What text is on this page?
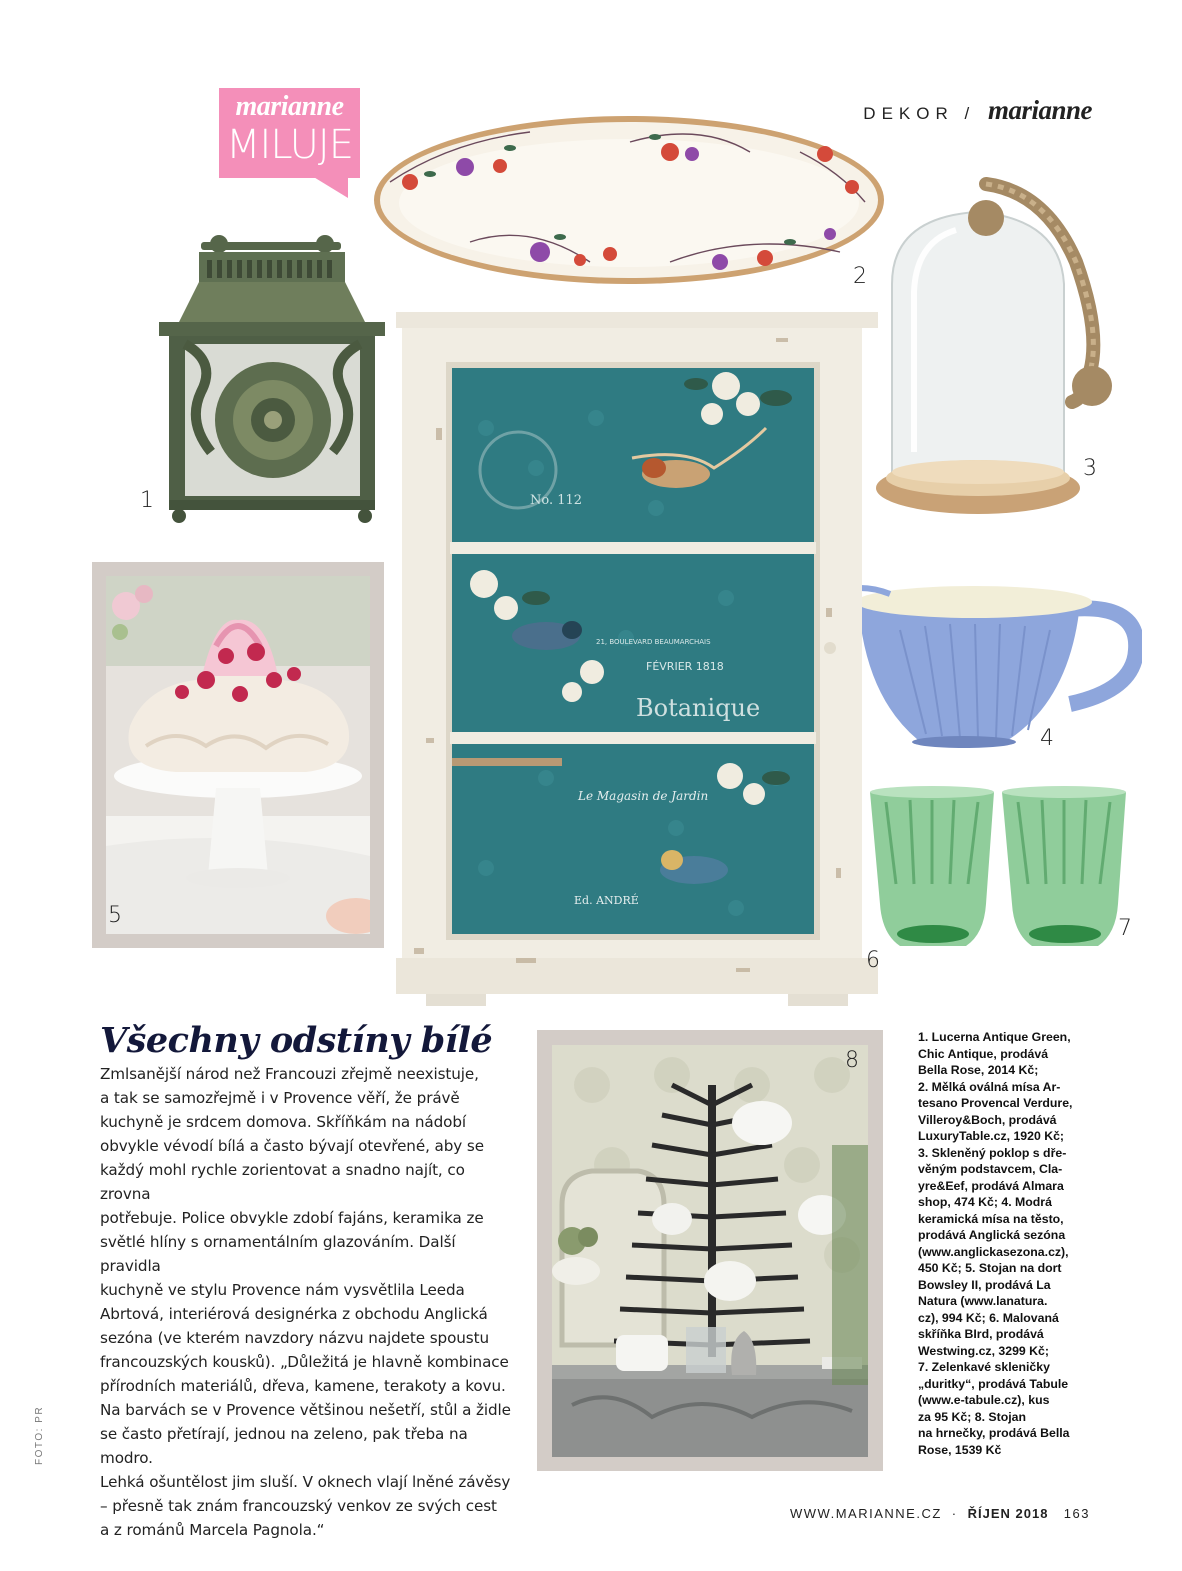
marianne
MILUJE
DEKOR / marianne
2
1
3
4
7
5
No. 112
21, BOULEVARD BEAUMARCHAIS
FÉVRIER 1818
Botanique
Le Magasin de Jardin
Ed. ANDRÉ
6
8
Všechny odstíny bílé
Zmlsanější národ než Francouzi zřejmě neexistuje,
a tak se samozřejmě i v Provence věří, že právě
kuchyně je srdcem domova. Skříňkám na nádobí
obvykle vévodí bílá a často bývají otevřené, aby se
každý mohl rychle zorientovat a snadno najít, co zrovna
potřebuje. Police obvykle zdobí fajáns, keramika ze
světlé hlíny s ornamentálním glazováním. Další pravidla
kuchyně ve stylu Provence nám vysvětlila Leeda
Abrtová, interiérová designérka z obchodu Anglická
sezóna (ve kterém navzdory názvu najdete spoustu
francouzských kousků). „Důležitá je hlavně kombinace
přírodních materiálů, dřeva, kamene, terakoty a kovu.
Na barvách se v Provence většinou nešetří, stůl a židle
se často přetírají, jednou na zeleno, pak třeba na modro.
Lehká ošuntělost jim sluší. V oknech vlají lněné závěsy
– přesně tak znám francouzský venkov ze svých cest
a z románů Marcela Pagnola.“
1. Lucerna Antique Green,
Chic Antique, prodává
Bella Rose, 2014 Kč;
2. Mělká oválná mísa Ar-
tesano Provencal Verdure,
Villeroy&Boch, prodává
LuxuryTable.cz, 1920 Kč;
3. Skleněný poklop s dře-
věným podstavcem, Cla-
yre&Eef, prodává Almara
shop, 474 Kč; 4. Modrá
keramická mísa na těsto,
prodává Anglická sezóna
(www.anglickasezona.cz),
450 Kč; 5. Stojan na dort
Bowsley II, prodává La
Natura (www.lanatura.
cz), 994 Kč; 6. Malovaná
skříňka BIrd, prodává
Westwing.cz, 3299 Kč;
7. Zelenkavé skleničky
„duritky“, prodává Tabule
(www.e-tabule.cz), kus
za 95 Kč; 8. Stojan
na hrnečky, prodává Bella
Rose, 1539 Kč
FOTO: PR
WWW.MARIANNE.CZ · ŘÍJEN 2018 163
